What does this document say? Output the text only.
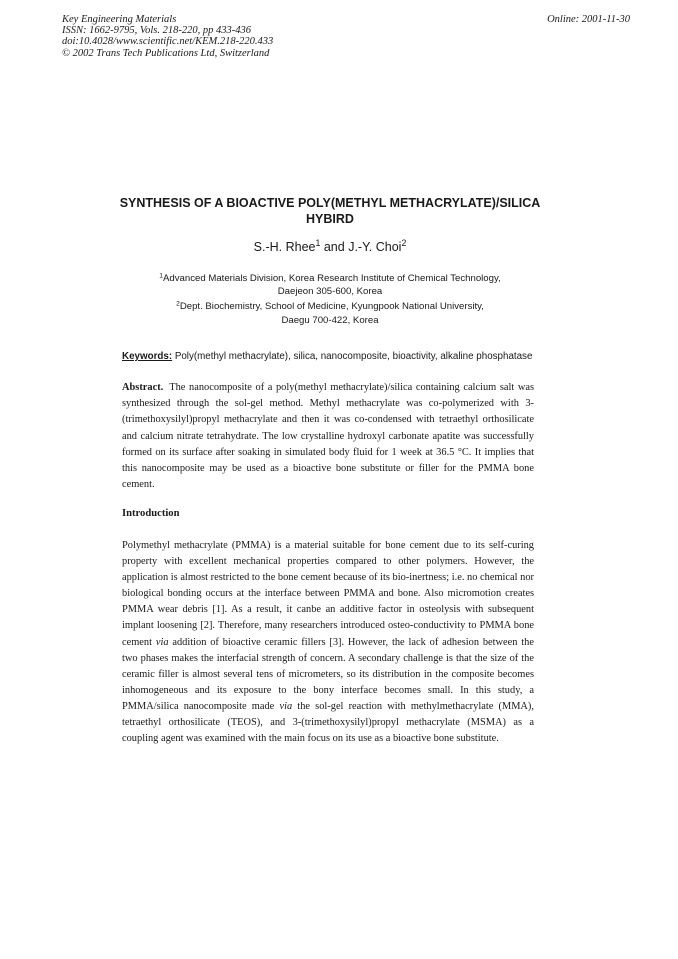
Key Engineering Materials
ISSN: 1662-9795, Vols. 218-220, pp 433-436
doi:10.4028/www.scientific.net/KEM.218-220.433
© 2002 Trans Tech Publications Ltd, Switzerland
Online: 2001-11-30
SYNTHESIS OF A BIOACTIVE POLY(METHYL METHACRYLATE)/SILICA
HYBIRD
S.-H. Rhee$^1$ and J.-Y. Choi$^2$
$^1$Advanced Materials Division, Korea Research Institute of Chemical Technology,
Daejeon 305-600, Korea
$^2$Dept. Biochemistry, School of Medicine, Kyungpook National University,
Daegu 700-422, Korea
Keywords: Poly(methyl methacrylate), silica, nanocomposite, bioactivity, alkaline phosphatase
Abstract. The nanocomposite of a poly(methyl methacrylate)/silica containing calcium salt was synthesized through the sol-gel method. Methyl methacrylate was co-polymerized with 3-(trimethoxysilyl)propyl methacrylate and then it was co-condensed with tetraethyl orthosilicate and calcium nitrate tetrahydrate. The low crystalline hydroxyl carbonate apatite was successfully formed on its surface after soaking in simulated body fluid for 1 week at 36.5 °C. It implies that this nanocomposite may be used as a bioactive bone substitute or filler for the PMMA bone cement.
Introduction
Polymethyl methacrylate (PMMA) is a material suitable for bone cement due to its self-curing property with excellent mechanical properties compared to other polymers. However, the application is almost restricted to the bone cement because of its bio-inertness; i.e. no chemical nor biological bonding occurs at the interface between PMMA and bone. Also micromotion creates PMMA wear debris [1]. As a result, it canbe an additive factor in osteolysis with subsequent implant loosening [2]. Therefore, many researchers introduced osteo-conductivity to PMMA bone cement via addition of bioactive ceramic fillers [3]. However, the lack of adhesion between the two phases makes the interfacial strength of concern. A secondary challenge is that the size of the ceramic filler is almost several tens of micrometers, so its distribution in the composite becomes inhomogeneous and its exposure to the bony interface becomes small. In this study, a PMMA/silica nanocomposite made via the sol-gel reaction with methylmethacrylate (MMA), tetraethyl orthosilicate (TEOS), and 3-(trimethoxysilyl)propyl methacrylate (MSMA) as a coupling agent was examined with the main focus on its use as a bioactive bone substitute.
